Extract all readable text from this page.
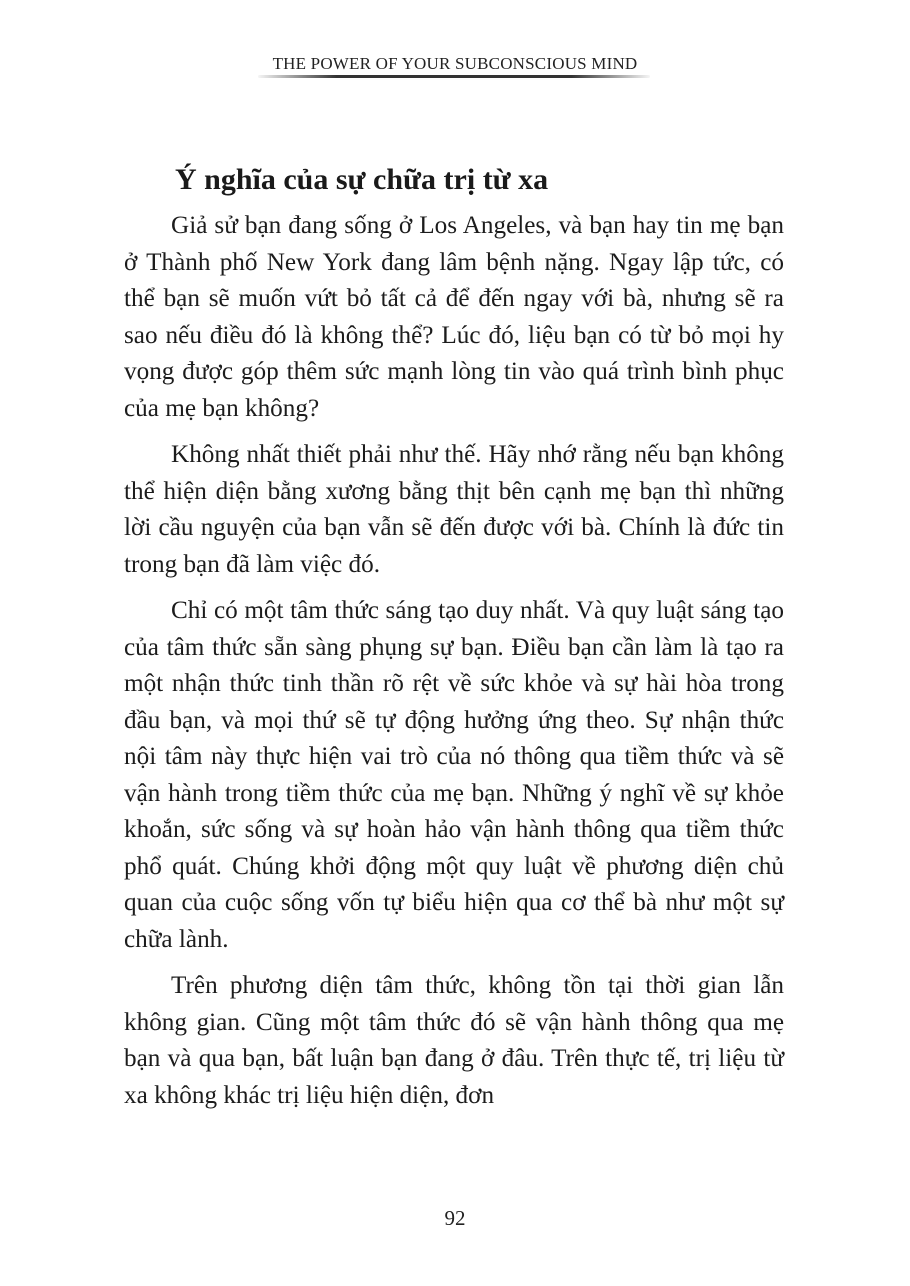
THE POWER OF YOUR SUBCONSCIOUS MIND
Ý nghĩa của sự chữa trị từ xa

Giả sử bạn đang sống ở Los Angeles, và bạn hay tin mẹ bạn ở Thành phố New York đang lâm bệnh nặng. Ngay lập tức, có thể bạn sẽ muốn vứt bỏ tất cả để đến ngay với bà, nhưng sẽ ra sao nếu điều đó là không thể? Lúc đó, liệu bạn có từ bỏ mọi hy vọng được góp thêm sức mạnh lòng tin vào quá trình bình phục của mẹ bạn không?

Không nhất thiết phải như thế. Hãy nhớ rằng nếu bạn không thể hiện diện bằng xương bằng thịt bên cạnh mẹ bạn thì những lời cầu nguyện của bạn vẫn sẽ đến được với bà. Chính là đức tin trong bạn đã làm việc đó.

Chỉ có một tâm thức sáng tạo duy nhất. Và quy luật sáng tạo của tâm thức sẵn sàng phụng sự bạn. Điều bạn cần làm là tạo ra một nhận thức tinh thần rõ rệt về sức khỏe và sự hài hòa trong đầu bạn, và mọi thứ sẽ tự động hưởng ứng theo. Sự nhận thức nội tâm này thực hiện vai trò của nó thông qua tiềm thức và sẽ vận hành trong tiềm thức của mẹ bạn. Những ý nghĩ về sự khỏe khoắn, sức sống và sự hoàn hảo vận hành thông qua tiềm thức phổ quát. Chúng khởi động một quy luật về phương diện chủ quan của cuộc sống vốn tự biểu hiện qua cơ thể bà như một sự chữa lành.

Trên phương diện tâm thức, không tồn tại thời gian lẫn không gian. Cũng một tâm thức đó sẽ vận hành thông qua mẹ bạn và qua bạn, bất luận bạn đang ở đâu. Trên thực tế, trị liệu từ xa không khác trị liệu hiện diện, đơn

92
